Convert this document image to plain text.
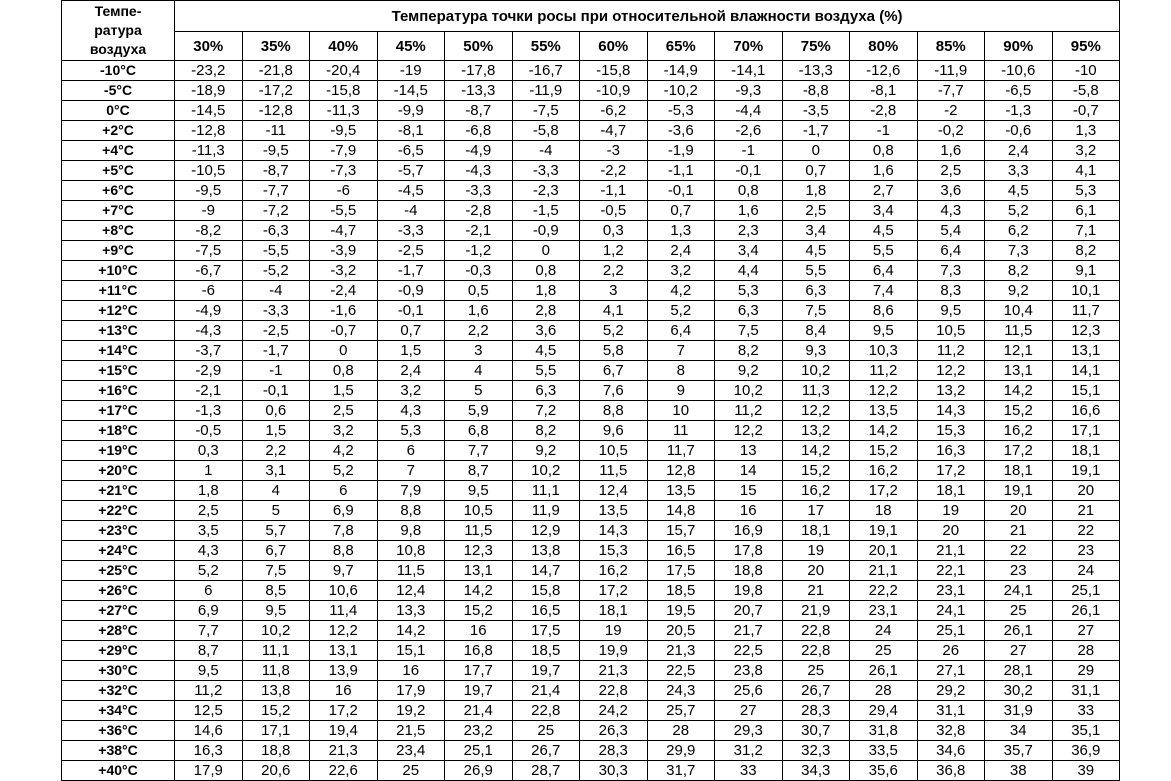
Темпе-
ратура
воздуха	Температура точки росы при относительной влажности воздуха (%)													
	30%	35%	40%	45%	50%	55%	60%	65%	70%	75%	80%	85%	90%	95%
-10°C	-23,2	-21,8	-20,4	-19	-17,8	-16,7	-15,8	-14,9	-14,1	-13,3	-12,6	-11,9	-10,6	-10
-5°C	-18,9	-17,2	-15,8	-14,5	-13,3	-11,9	-10,9	-10,2	-9,3	-8,8	-8,1	-7,7	-6,5	-5,8
0°C	-14,5	-12,8	-11,3	-9,9	-8,7	-7,5	-6,2	-5,3	-4,4	-3,5	-2,8	-2	-1,3	-0,7
+2°C	-12,8	-11	-9,5	-8,1	-6,8	-5,8	-4,7	-3,6	-2,6	-1,7	-1	-0,2	-0,6	1,3
+4°C	-11,3	-9,5	-7,9	-6,5	-4,9	-4	-3	-1,9	-1	0	0,8	1,6	2,4	3,2
+5°C	-10,5	-8,7	-7,3	-5,7	-4,3	-3,3	-2,2	-1,1	-0,1	0,7	1,6	2,5	3,3	4,1
+6°C	-9,5	-7,7	-6	-4,5	-3,3	-2,3	-1,1	-0,1	0,8	1,8	2,7	3,6	4,5	5,3
+7°C	-9	-7,2	-5,5	-4	-2,8	-1,5	-0,5	0,7	1,6	2,5	3,4	4,3	5,2	6,1
+8°C	-8,2	-6,3	-4,7	-3,3	-2,1	-0,9	0,3	1,3	2,3	3,4	4,5	5,4	6,2	7,1
+9°C	-7,5	-5,5	-3,9	-2,5	-1,2	0	1,2	2,4	3,4	4,5	5,5	6,4	7,3	8,2
+10°C	-6,7	-5,2	-3,2	-1,7	-0,3	0,8	2,2	3,2	4,4	5,5	6,4	7,3	8,2	9,1
+11°C	-6	-4	-2,4	-0,9	0,5	1,8	3	4,2	5,3	6,3	7,4	8,3	9,2	10,1
+12°C	-4,9	-3,3	-1,6	-0,1	1,6	2,8	4,1	5,2	6,3	7,5	8,6	9,5	10,4	11,7
+13°C	-4,3	-2,5	-0,7	0,7	2,2	3,6	5,2	6,4	7,5	8,4	9,5	10,5	11,5	12,3
+14°C	-3,7	-1,7	0	1,5	3	4,5	5,8	7	8,2	9,3	10,3	11,2	12,1	13,1
+15°C	-2,9	-1	0,8	2,4	4	5,5	6,7	8	9,2	10,2	11,2	12,2	13,1	14,1
+16°C	-2,1	-0,1	1,5	3,2	5	6,3	7,6	9	10,2	11,3	12,2	13,2	14,2	15,1
+17°C	-1,3	0,6	2,5	4,3	5,9	7,2	8,8	10	11,2	12,2	13,5	14,3	15,2	16,6
+18°C	-0,5	1,5	3,2	5,3	6,8	8,2	9,6	11	12,2	13,2	14,2	15,3	16,2	17,1
+19°C	0,3	2,2	4,2	6	7,7	9,2	10,5	11,7	13	14,2	15,2	16,3	17,2	18,1
+20°C	1	3,1	5,2	7	8,7	10,2	11,5	12,8	14	15,2	16,2	17,2	18,1	19,1
+21°C	1,8	4	6	7,9	9,5	11,1	12,4	13,5	15	16,2	17,2	18,1	19,1	20
+22°C	2,5	5	6,9	8,8	10,5	11,9	13,5	14,8	16	17	18	19	20	21
+23°C	3,5	5,7	7,8	9,8	11,5	12,9	14,3	15,7	16,9	18,1	19,1	20	21	22
+24°C	4,3	6,7	8,8	10,8	12,3	13,8	15,3	16,5	17,8	19	20,1	21,1	22	23
+25°C	5,2	7,5	9,7	11,5	13,1	14,7	16,2	17,5	18,8	20	21,1	22,1	23	24
+26°C	6	8,5	10,6	12,4	14,2	15,8	17,2	18,5	19,8	21	22,2	23,1	24,1	25,1
+27°C	6,9	9,5	11,4	13,3	15,2	16,5	18,1	19,5	20,7	21,9	23,1	24,1	25	26,1
+28°C	7,7	10,2	12,2	14,2	16	17,5	19	20,5	21,7	22,8	24	25,1	26,1	27
+29°C	8,7	11,1	13,1	15,1	16,8	18,5	19,9	21,3	22,5	22,8	25	26	27	28
+30°C	9,5	11,8	13,9	16	17,7	19,7	21,3	22,5	23,8	25	26,1	27,1	28,1	29
+32°C	11,2	13,8	16	17,9	19,7	21,4	22,8	24,3	25,6	26,7	28	29,2	30,2	31,1
+34°C	12,5	15,2	17,2	19,2	21,4	22,8	24,2	25,7	27	28,3	29,4	31,1	31,9	33
+36°C	14,6	17,1	19,4	21,5	23,2	25	26,3	28	29,3	30,7	31,8	32,8	34	35,1
+38°C	16,3	18,8	21,3	23,4	25,1	26,7	28,3	29,9	31,2	32,3	33,5	34,6	35,7	36,9
+40°C	17,9	20,6	22,6	25	26,9	28,7	30,3	31,7	33	34,3	35,6	36,8	38	39
